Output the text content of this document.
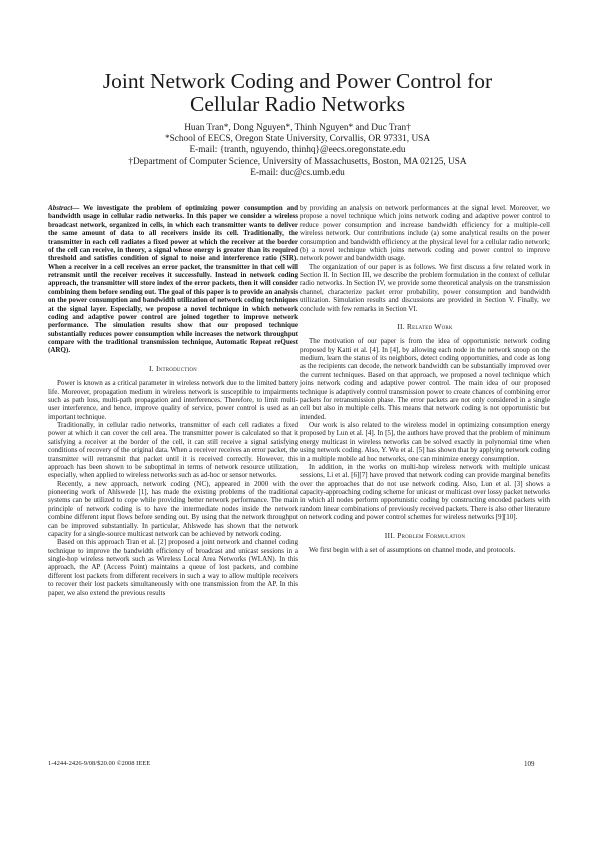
Joint Network Coding and Power Control for
Cellular Radio Networks
Huan Tran*, Dong Nguyen*, Thinh Nguyen* and Duc Tran†
*School of EECS, Oregon State University, Corvallis, OR 97331, USA
E-mail: {tranth, nguyendo, thinhq}@eecs.oregonstate.edu
†Department of Computer Science, University of Massachusetts, Boston, MA 02125, USA
E-mail: duc@cs.umb.edu

Abstract— We investigate the problem of optimizing power consumption and bandwidth usage in cellular radio networks. In this paper we consider a wireless broadcast network, organized in cells, in which each transmitter wants to deliver the same amount of data to all receivers inside its cell. Traditionally, the transmitter in each cell radiates a fixed power at which the receiver at the border of the cell can receive, in theory, a signal whose energy is greater than its required threshold and satisfies condition of signal to noise and interference ratio (SIR). When a receiver in a cell receives an error packet, the transmitter in that cell will retransmit until the receiver receives it successfully. Instead in network coding approach, the transmitter will store index of the error packets, then it will consider combining them before sending out. The goal of this paper is to provide an analysis on the power consumption and bandwidth utilization of network coding techniques at the signal layer. Especially, we propose a novel technique in which network coding and adaptive power control are joined together to improve network performance. The simulation results show that our proposed technique substantially reduces power consumption while increases the network throughput compare with the traditional transmission technique, Automatic Repeat reQuest (ARQ).

I. Introduction

Power is known as a critical parameter in wireless network due to the limited battery life. Moreover, propagation medium in wireless network is susceptible to impairments such as path loss, multi-path propagation and interferences. Therefore, to limit multi-user interference, and hence, improve quality of service, power control is used as an important technique.

Traditionally, in cellular radio networks, transmitter of each cell radiates a fixed power at which it can cover the cell area. The transmitter power is calculated so that it satisfying a receiver at the border of the cell, it can still receive a signal satisfying conditions of recovery of the original data. When a receiver receives an error packet, the transmitter will retransmit that packet until it is received correctly. However, this approach has been shown to be suboptimal in terms of network resource utilization, especially, when applied to wireless networks such as ad-hoc or sensor networks.

Recently, a new approach, network coding (NC), appeared in 2000 with the pioneering work of Ahlswede [1], has made the existing problems of the traditional systems can be utilized to cope while providing better network performance. The main principle of network coding is to have the intermediate nodes inside the network combine different input flows before sending out. By using that the network throughput can be improved substantially. In particular, Ahlswede has shown that the network capacity for a single-source multicast network can be achieved by network coding.

Based on this approach Tran et al. [2] proposed a joint network and channel coding technique to improve the bandwidth efficiency of broadcast and unicast sessions in a single-hop wireless network such as Wireless Local Area Networks (WLAN). In this approach, the AP (Access Point) maintains a queue of lost packets, and combine different lost packets from different receivers in such a way to allow multiple receivers to recover their lost packets simultaneously with one transmission from the AP. In this paper, we also extend the previous results

by providing an analysis on network performances at the signal level. Moreover, we propose a novel technique which joins network coding and adaptive power control to reduce power consumption and increase bandwidth efficiency for a multiple-cell wireless network. Our contributions include (a) some analytical results on the power consumption and bandwidth efficiency at the physical level for a cellular radio network; (b) a novel technique which joins network coding and power control to improve network power and bandwidth usage.

The organization of our paper is as follows. We first discuss a few related work in Section II. In Section III, we describe the problem formulation in the context of cellular radio networks. In Section IV, we provide some theoretical analysis on the transmission channel, characterize packet error probability, power consumption and bandwidth utilization. Simulation results and discussions are provided in Section V. Finally, we conclude with few remarks in Section VI.

II. Related Work

The motivation of our paper is from the idea of opportunistic network coding proposed by Katti et al. [4]. In [4], by allowing each node in the network snoop on the medium, learn the status of its neighbors, detect coding opportunities, and code as long as the recipients can decode, the network bandwidth can be substantially improved over the current techniques. Based on that approach, we proposed a novel technique which joins network coding and adaptive power control. The main idea of our proposed technique is adaptively control transmission power to create chances of combining error packets for retransmission phase. The error packets are not only considered in a single cell but also in multiple cells. This means that network coding is not opportunistic but intended.

Our work is also related to the wireless model in optimizing consumption energy proposed by Lun et al. [4]. In [5], the authors have proved that the problem of minimum energy multicast in wireless networks can be solved exactly in polynomial time when using network coding. Also, Y. Wu et al. [5] has shown that by applying network coding in a multiple mobile ad hoc networks, one can minimize energy consumption.

In addition, in the works on multi-hop wireless network with multiple unicast sessions, Li et al. [6][7] have proved that network coding can provide marginal benefits over the approaches that do not use network coding. Also, Lun et al. [3] shows a capacity-approaching coding scheme for unicast or multicast over lossy packet networks in which all nodes perform opportunistic coding by constructing encoded packets with random linear combinations of previously received packets. There is also other literature on network coding and power control schemes for wireless networks [9][10].

III. Problem Formulation

We first begin with a set of assumptions on channel mode, and protocols.

1-4244-2426-9/08/$20.00 ©2008 IEEE	109
